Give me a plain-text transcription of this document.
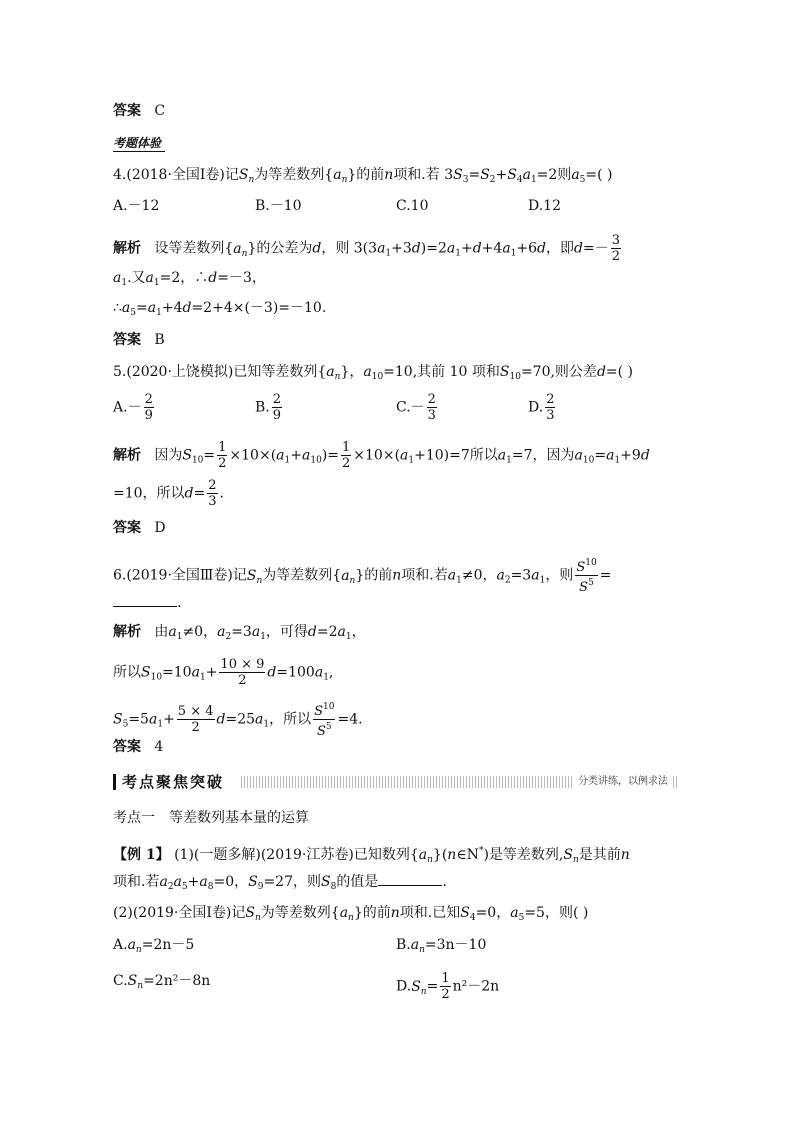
答案 C
考题体验
4.(2018·全国Ⅰ卷)记$S_n$为等差数列$\{a_n\}$的前n项和.若 $3S_3=S_2+S_4a_1=2$则$a_5=$( )
A.－12	B.－10	C.10	D.12
解析 设等差数列$\{a_n\}$的公差为d，则 $3(3a_1+3d)=2a_1+d+4a_1+6d$，即$d=- \frac{3}{2}$
$a_1$.又$a_1=2$，∴d=－3，
$\therefore a_5=a_1+4d=2+4\times(-3)=-10$.
答案 B
5.(2020·上饶模拟)已知等差数列$\{a_n\}$，$a_{10}=10$,其前 10 项和$S_{10}=70$,则公差d=( )
$A.- \frac{2}{9}$	B. $\frac{2}{9}$	$C.- \frac{2}{3}$	D. $\frac{2}{3}$
解析 因为$S_{10}= \frac{1}{2} \times 10\times(a_1+a_{10})= \frac{1}{2} \times 10\times(a_1+10)=7$所以$a_1=7$，因为$a_{10}=a_1+9d$
=10，所以$d= \frac{2}{3}$ .
答案 D
6.(2019·全国Ⅲ卷)记$S_n$为等差数列$\{a_n\}$的前n项和.若$a_1\ne 0$，$a_2=3a_1$，则 $\frac{S^{10}}{S^5}$ =
.
解析 由$a_1\ne 0$，$a_2=3a_1$，可得$d=2a_1$，
所以$S_{10}=10a_1+ \frac{10 \times 9}{2} d=100a_1$,
$S_5=5a_1+ \frac{5 \times 4}{2} d=25a_1$，所以 $\frac{S^{10}}{S^5} =4$.
答案 4
考点聚焦突破	分类讲练，以例求法
考点一　等差数列基本量的运算
【例 1】 (1)(一题多解)(2019·江苏卷)已知数列$\{a_n\}(n\in N^*)$是等差数列$,S_n$是其前n
项和.若$a_2a_5+a_8=0$，$S_9=27$，则$S_8$的值是	.
(2)(2019·全国Ⅰ卷)记$S_n$为等差数列$\{a_n\}$的前n项和.已知$S_4=0$，$a_5=5$，则( )
$A.a_n=2n-5$	$B.a_n=3n-10$
$C.S_n=2n^2-8n$	$D.S_n= \frac{1}{2} n^2-2n$
